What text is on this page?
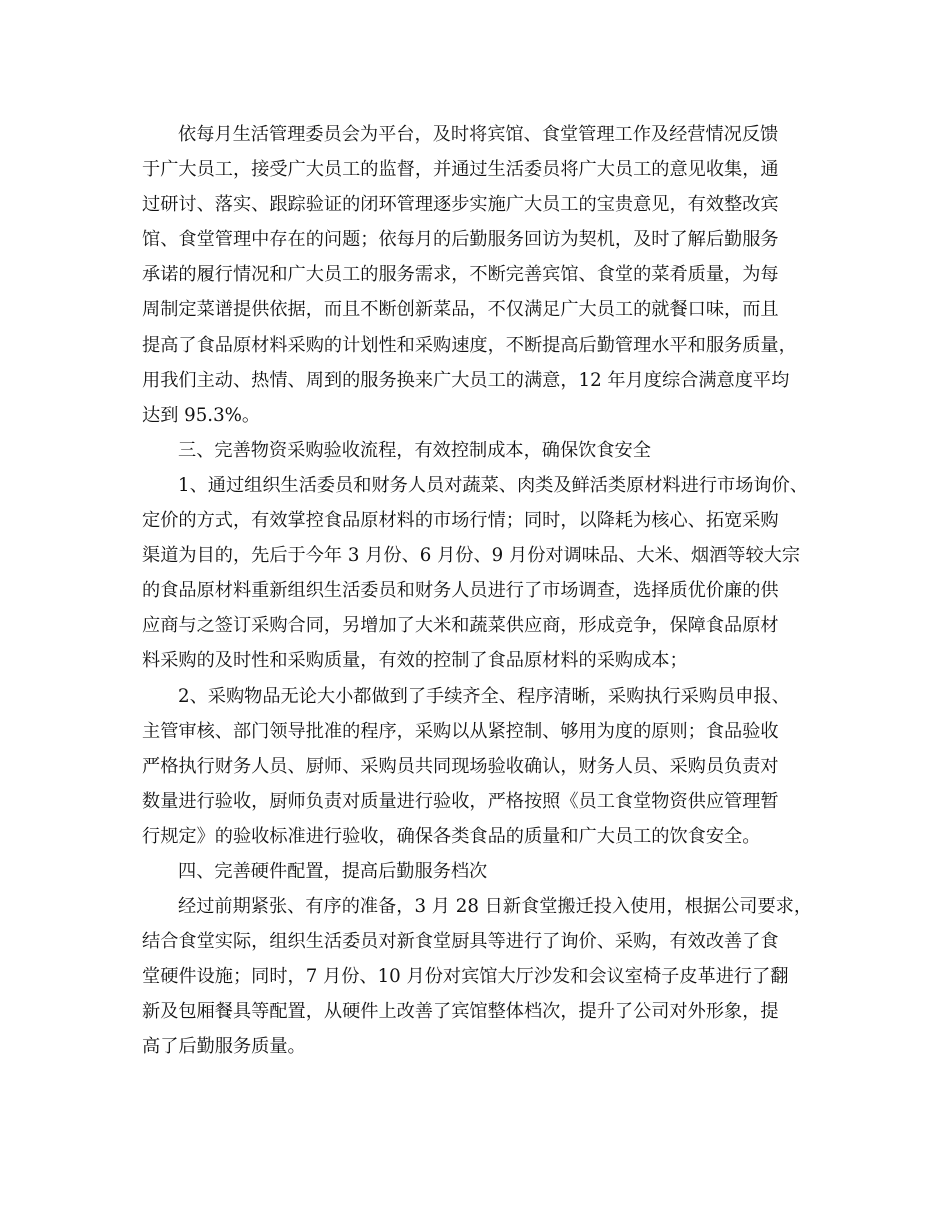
依每月生活管理委员会为平台，及时将宾馆、食堂管理工作及经营情况反馈
于广大员工，接受广大员工的监督，并通过生活委员将广大员工的意见收集，通
过研讨、落实、跟踪验证的闭环管理逐步实施广大员工的宝贵意见，有效整改宾
馆、食堂管理中存在的问题；依每月的后勤服务回访为契机，及时了解后勤服务
承诺的履行情况和广大员工的服务需求，不断完善宾馆、食堂的菜肴质量，为每
周制定菜谱提供依据，而且不断创新菜品，不仅满足广大员工的就餐口味，而且
提高了食品原材料采购的计划性和采购速度，不断提高后勤管理水平和服务质量，
用我们主动、热情、周到的服务换来广大员工的满意，12 年月度综合满意度平均
达到 95.3%。
三、完善物资采购验收流程，有效控制成本，确保饮食安全
1、通过组织生活委员和财务人员对蔬菜、肉类及鲜活类原材料进行市场询价、
定价的方式，有效掌控食品原材料的市场行情；同时，以降耗为核心、拓宽采购
渠道为目的，先后于今年 3 月份、6 月份、9 月份对调味品、大米、烟酒等较大宗
的食品原材料重新组织生活委员和财务人员进行了市场调查，选择质优价廉的供
应商与之签订采购合同，另增加了大米和蔬菜供应商，形成竞争，保障食品原材
料采购的及时性和采购质量，有效的控制了食品原材料的采购成本；
2、采购物品无论大小都做到了手续齐全、程序清晰，采购执行采购员申报、
主管审核、部门领导批准的程序，采购以从紧控制、够用为度的原则；食品验收
严格执行财务人员、厨师、采购员共同现场验收确认，财务人员、采购员负责对
数量进行验收，厨师负责对质量进行验收，严格按照《员工食堂物资供应管理暂
行规定》的验收标准进行验收，确保各类食品的质量和广大员工的饮食安全。
四、完善硬件配置，提高后勤服务档次
经过前期紧张、有序的准备，3 月 28 日新食堂搬迁投入使用，根据公司要求，
结合食堂实际，组织生活委员对新食堂厨具等进行了询价、采购，有效改善了食
堂硬件设施；同时，7 月份、10 月份对宾馆大厅沙发和会议室椅子皮革进行了翻
新及包厢餐具等配置，从硬件上改善了宾馆整体档次，提升了公司对外形象，提
高了后勤服务质量。
